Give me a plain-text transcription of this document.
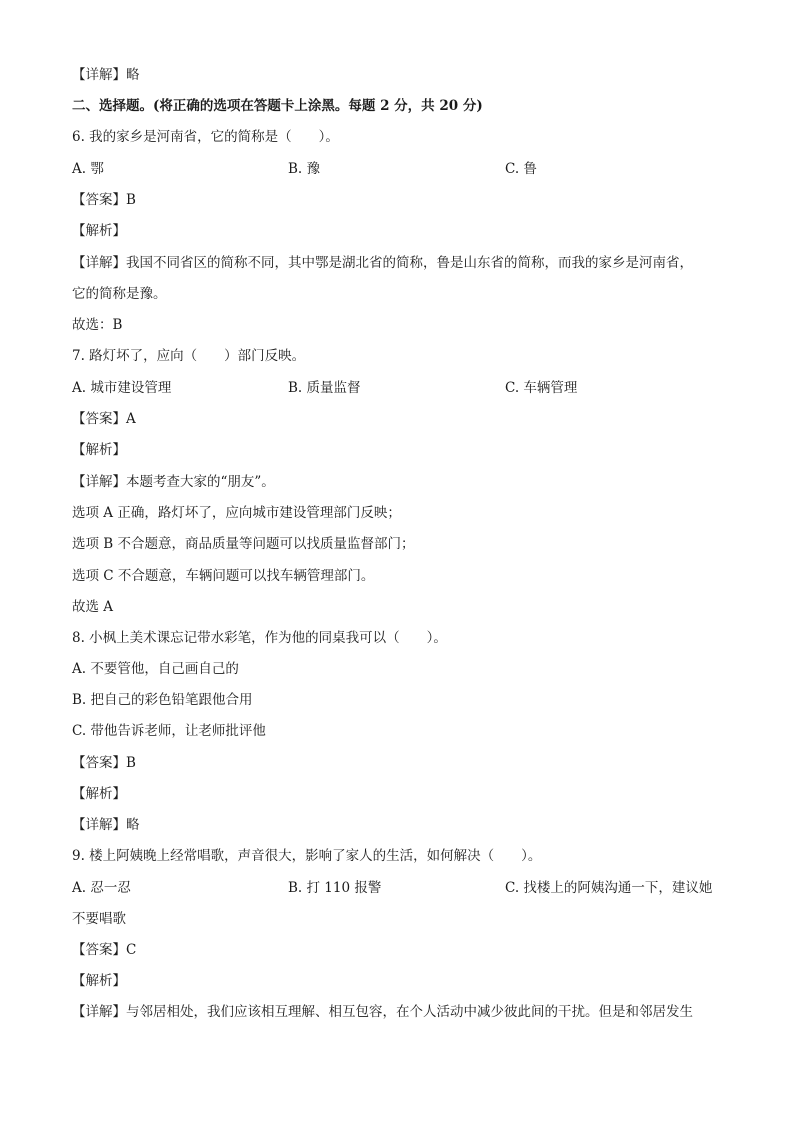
【详解】略
二、选择题。(将正确的选项在答题卡上涂黑。每题 2 分，共 20 分)
6. 我的家乡是河南省，它的简称是（　　）。
A. 鄂	B. 豫	C. 鲁
【答案】B
【解析】
【详解】我国不同省区的简称不同，其中鄂是湖北省的简称，鲁是山东省的简称，而我的家乡是河南省，
它的简称是豫。
故选：B
7. 路灯坏了，应向（　　）部门反映。
A. 城市建设管理	B. 质量监督	C. 车辆管理
【答案】A
【解析】
【详解】本题考查大家的“朋友”。
选项 A 正确，路灯坏了，应向城市建设管理部门反映；
选项 B 不合题意，商品质量等问题可以找质量监督部门；
选项 C 不合题意，车辆问题可以找车辆管理部门。
故选 A
8. 小枫上美术课忘记带水彩笔，作为他的同桌我可以（　　）。
A. 不要管他，自己画自己的
B. 把自己的彩色铅笔跟他合用
C. 带他告诉老师，让老师批评他
【答案】B
【解析】
【详解】略
9. 楼上阿姨晚上经常唱歌，声音很大，影响了家人的生活，如何解决（　　）。
A. 忍一忍	B. 打 110 报警	C. 找楼上的阿姨沟通一下，建议她
不要唱歌
【答案】C
【解析】
【详解】与邻居相处，我们应该相互理解、相互包容，在个人活动中减少彼此间的干扰。但是和邻居发生
